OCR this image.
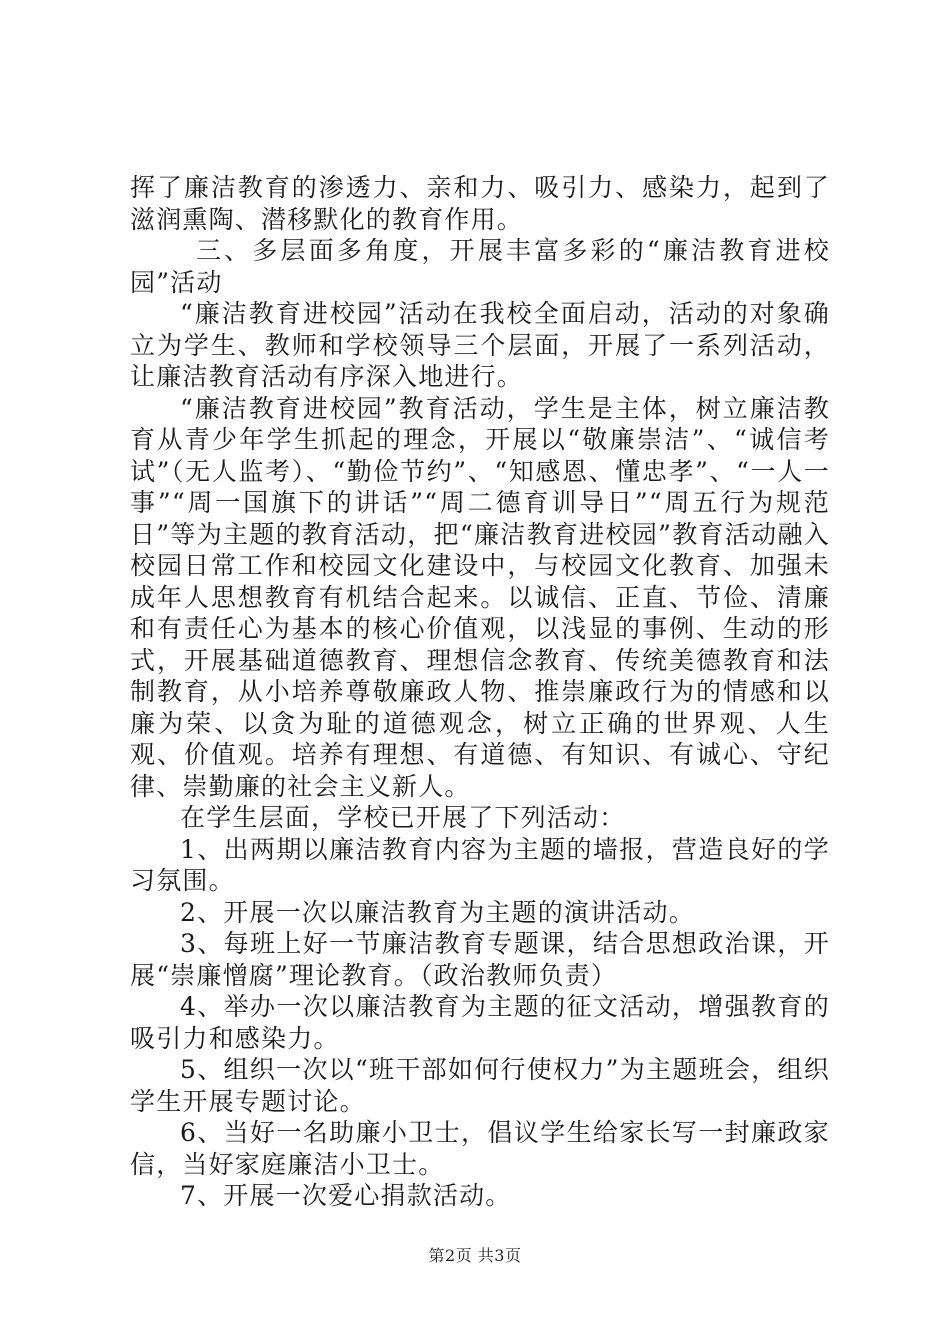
挥了廉洁教育的渗透力、亲和力、吸引力、感染力，起到了滋润熏陶、潜移默化的教育作用。

三、多层面多角度，开展丰富多彩的“廉洁教育进校园”活动

“廉洁教育进校园”活动在我校全面启动，活动的对象确立为学生、教师和学校领导三个层面，开展了一系列活动，让廉洁教育活动有序深入地进行。

“廉洁教育进校园”教育活动，学生是主体，树立廉洁教育从青少年学生抓起的理念，开展以“敬廉崇洁”、“诚信考试”（无人监考）、“勤俭节约”、“知感恩、懂忠孝”、“一人一事”“周一国旗下的讲话”“周二德育训导日”“周五行为规范日”等为主题的教育活动，把“廉洁教育进校园”教育活动融入校园日常工作和校园文化建设中，与校园文化教育、加强未成年人思想教育有机结合起来。以诚信、正直、节俭、清廉和有责任心为基本的核心价值观，以浅显的事例、生动的形式，开展基础道德教育、理想信念教育、传统美德教育和法制教育，从小培养尊敬廉政人物、推崇廉政行为的情感和以廉为荣、以贪为耻的道德观念，树立正确的世界观、人生观、价值观。培养有理想、有道德、有知识、有诚心、守纪律、崇勤廉的社会主义新人。

在学生层面，学校已开展了下列活动：

1、出两期以廉洁教育内容为主题的墙报，营造良好的学习氛围。

2、开展一次以廉洁教育为主题的演讲活动。

3、每班上好一节廉洁教育专题课，结合思想政治课，开展“崇廉憎腐”理论教育。（政治教师负责）

4、举办一次以廉洁教育为主题的征文活动，增强教育的吸引力和感染力。

5、组织一次以“班干部如何行使权力”为主题班会，组织学生开展专题讨论。

6、当好一名助廉小卫士，倡议学生给家长写一封廉政家信，当好家庭廉洁小卫士。

7、开展一次爱心捐款活动。

第2页 共3页
